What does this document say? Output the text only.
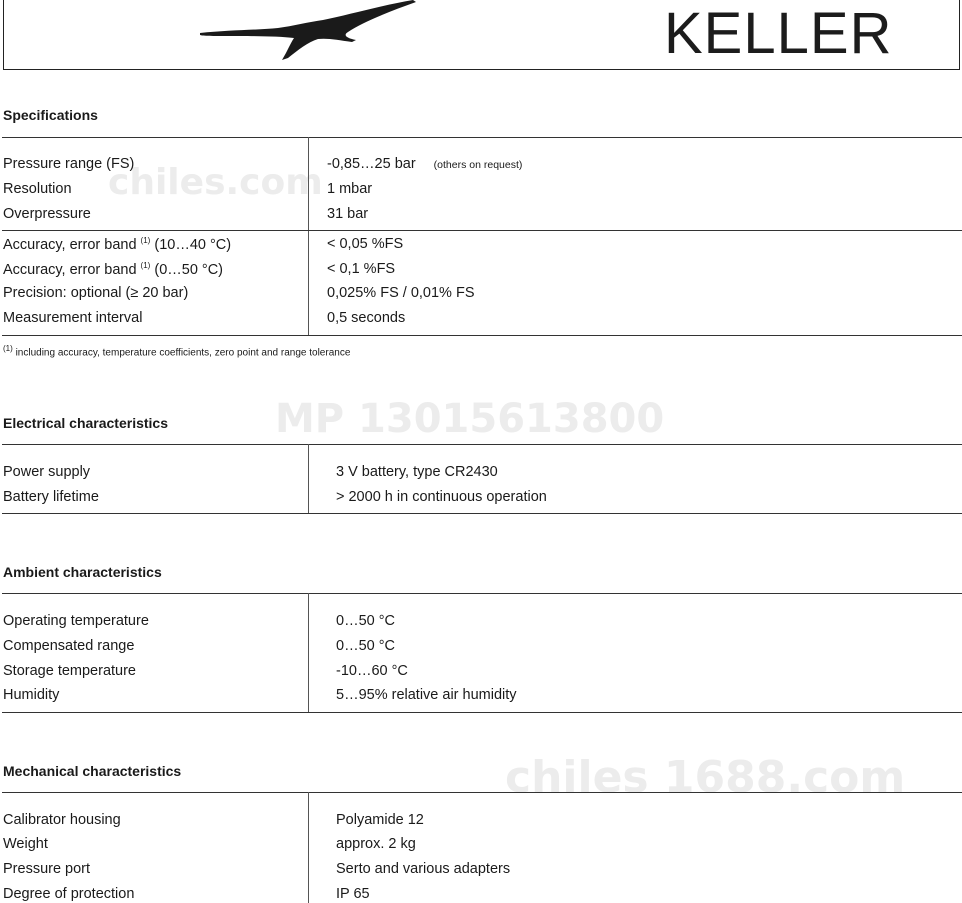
MP 13015613800
chiles.com
chiles 1688.com
KELLER
Specifications
Pressure range (FS)	-0,85…25 bar (others on request)
Resolution	1 mbar
Overpressure	31 bar
Accuracy, error band $^{(1)}$ (10…40 °C)	< 0,05 %FS
Accuracy, error band $^{(1)}$ (0…50 °C)	< 0,1 %FS
Precision: optional (≥ 20 bar)	0,025% FS / 0,01% FS
Measurement interval	0,5 seconds
$^{(1)}$ including accuracy, temperature coefficients, zero point and range tolerance
Electrical characteristics
Power supply	3 V battery, type CR2430
Battery lifetime	> 2000 h in continuous operation
Ambient characteristics
Operating temperature	0…50 °C
Compensated range	0…50 °C
Storage temperature	-10…60 °C
Humidity	5…95% relative air humidity
Mechanical characteristics
Calibrator housing	Polyamide 12
Weight	approx. 2 kg
Pressure port	Serto and various adapters
Degree of protection	IP 65
